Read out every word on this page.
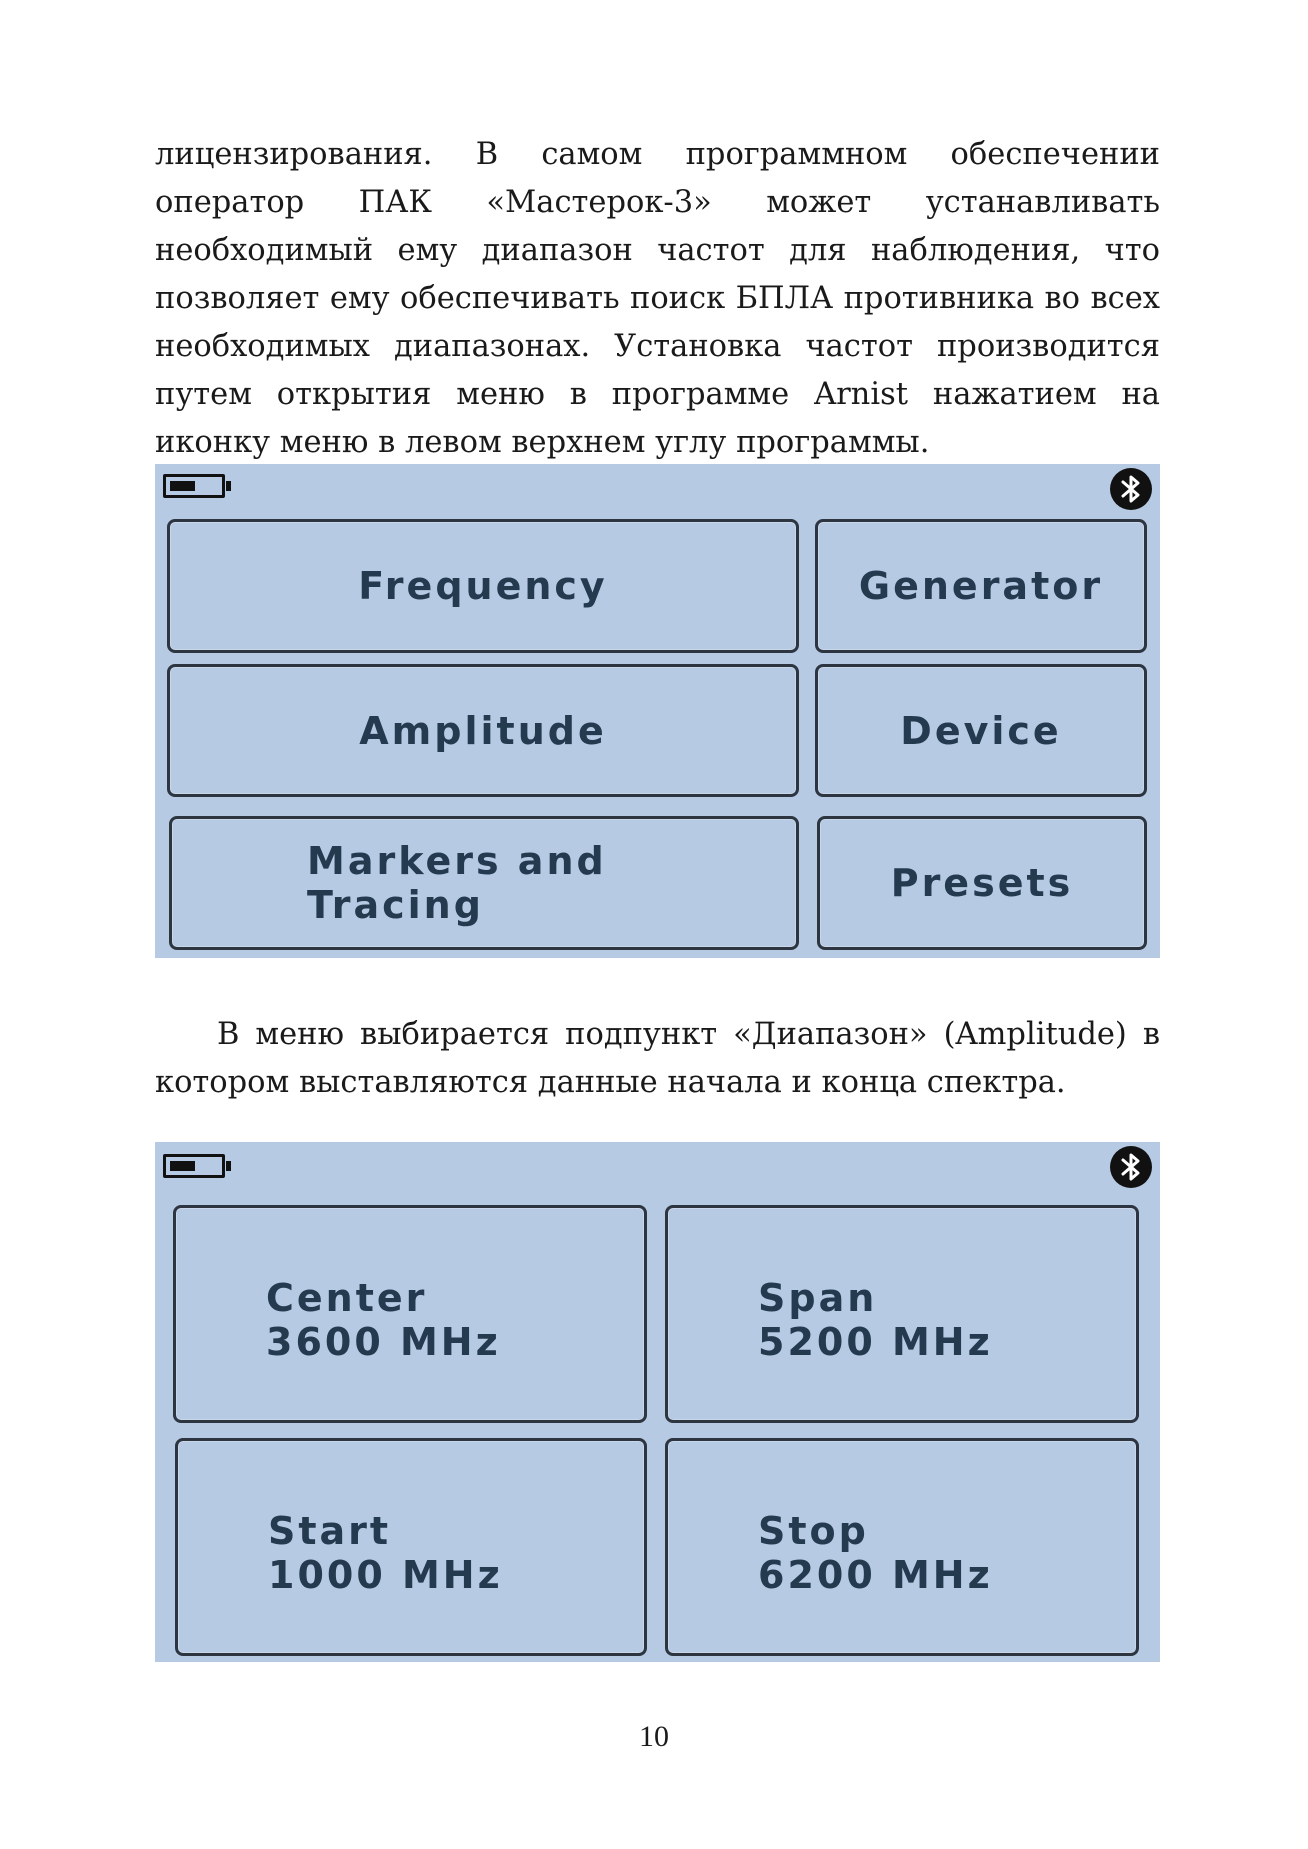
лицензирования. В самом программном обеспечении оператор ПАК «Мастерок-3» может устанавливать необходимый ему диапазон частот для наблюдения, что позволяет ему обеспечивать поиск БПЛА противника во всех необходимых диапазонах. Установка частот производится путем открытия меню в программе Arnist нажатием на иконку меню в левом верхнем углу программы.

Frequency	Generator
Amplitude	Device
Markers and
Tracing	Presets

В меню выбирается подпункт «Диапазон» (Amplitude) в котором выставляются данные начала и конца спектра.

Center
3600 MHz
Span
5200 MHz
Start
1000 MHz
Stop
6200 MHz
10
